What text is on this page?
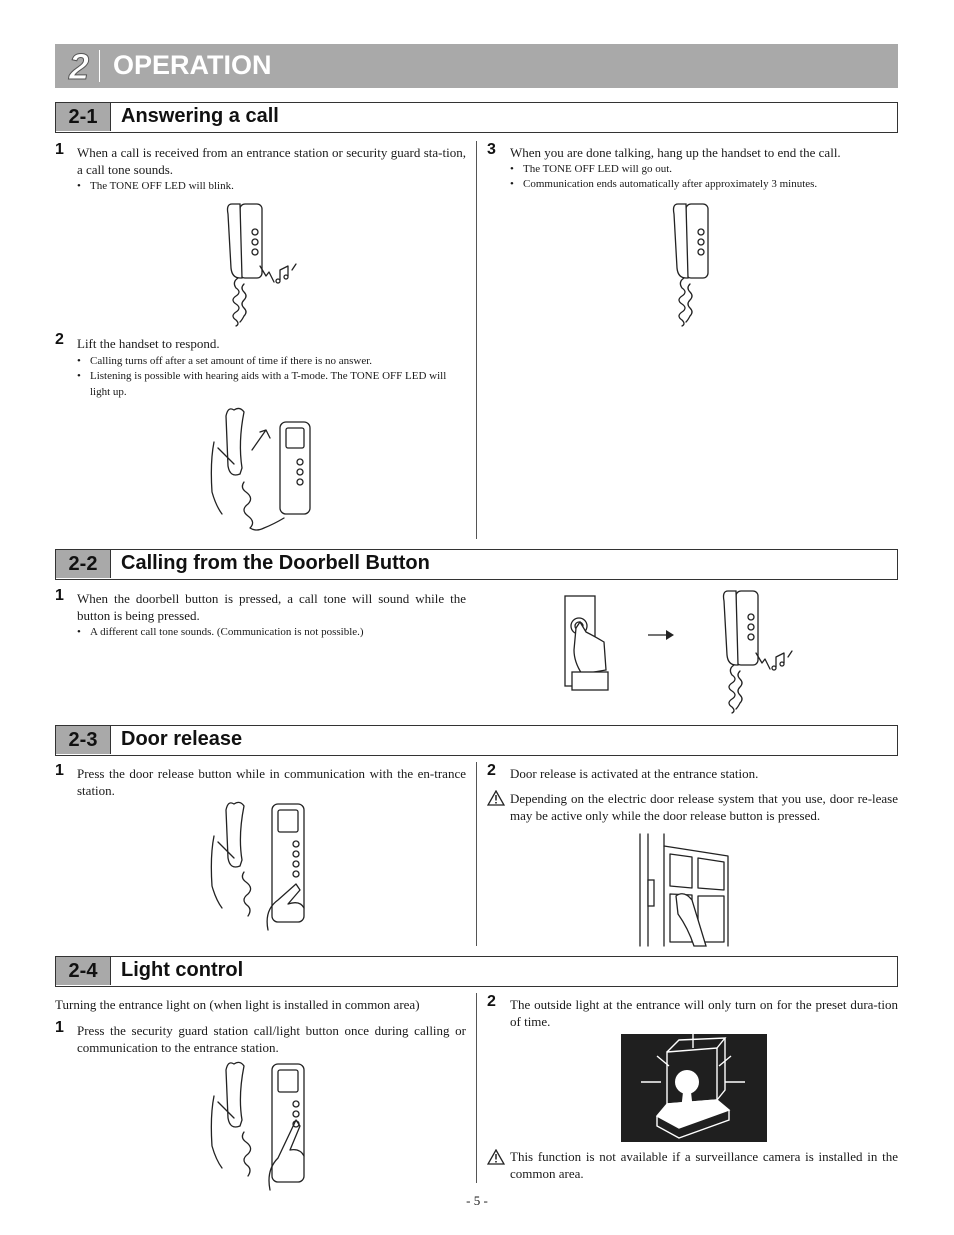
2 OPERATION
2-1	Answering a call
1 When a call is received from an entrance station or security guard sta-tion, a call tone sounds.
• The TONE OFF LED will blink.
2 Lift the handset to respond.
• Calling turns off after a set amount of time if there is no answer.
• Listening is possible with hearing aids with a T-mode. The TONE OFF LED will light up.
3 When you are done talking, hang up the handset to end the call.
• The TONE OFF LED will go out.
• Communication ends automatically after approximately 3 minutes.
2-2	Calling from the Doorbell Button
1 When the doorbell button is pressed, a call tone will sound while the button is being pressed.
• A different call tone sounds. (Communication is not possible.)
2-3	Door release
1 Press the door release button while in communication with the en-trance station.
2 Door release is activated at the entrance station.
Depending on the electric door release system that you use, door re-lease may be active only while the door release button is pressed.
2-4	Light control
Turning the entrance light on (when light is installed in common area)
1 Press the security guard station call/light button once during calling or communication to the entrance station.
2 The outside light at the entrance will only turn on for the preset dura-tion of time.
This function is not available if a surveillance camera is installed in the common area.
- 5 -
